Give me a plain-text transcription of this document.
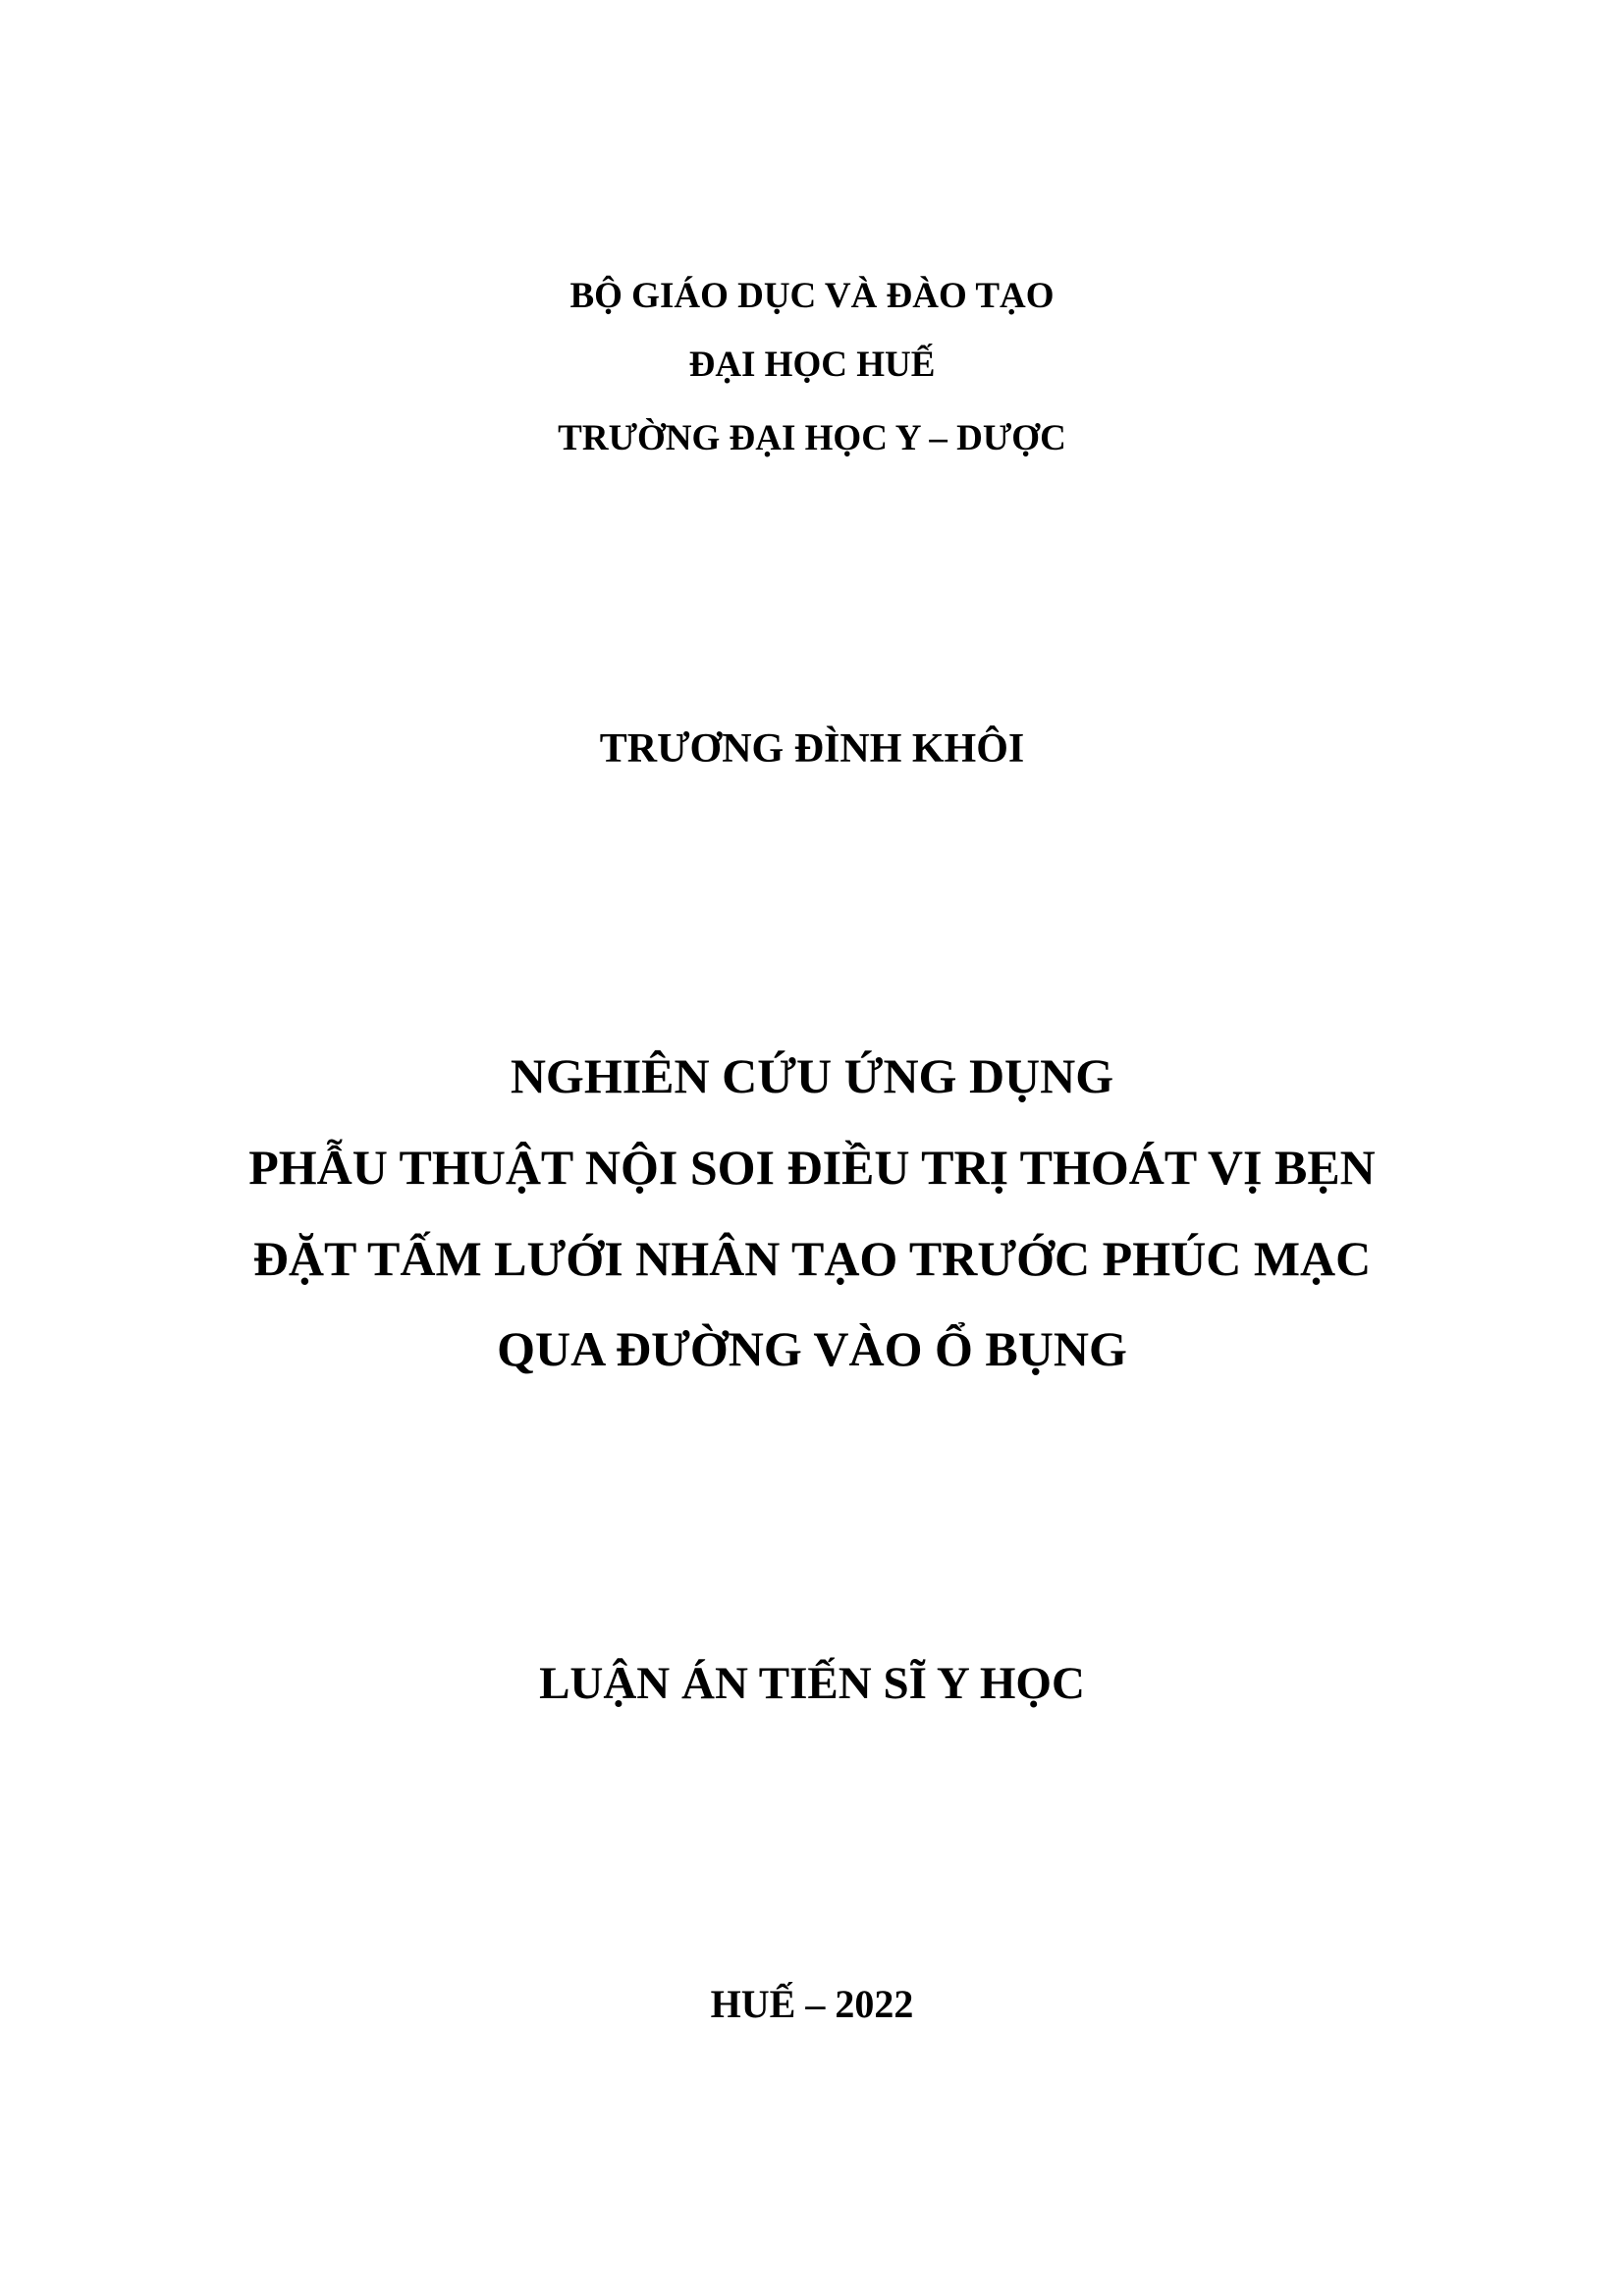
BỘ GIÁO DỤC VÀ ĐÀO TẠO
ĐẠI HỌC HUẾ
TRƯỜNG ĐẠI HỌC Y – DƯỢC
TRƯƠNG ĐÌNH KHÔI
NGHIÊN CỨU ỨNG DỤNG
PHẪU THUẬT NỘI SOI ĐIỀU TRỊ THOÁT VỊ BẸN
ĐẶT TẤM LƯỚI NHÂN TẠO TRƯỚC PHÚC MẠC
QUA ĐƯỜNG VÀO Ổ BỤNG
LUẬN ÁN TIẾN SĨ Y HỌC
HUẾ – 2022
